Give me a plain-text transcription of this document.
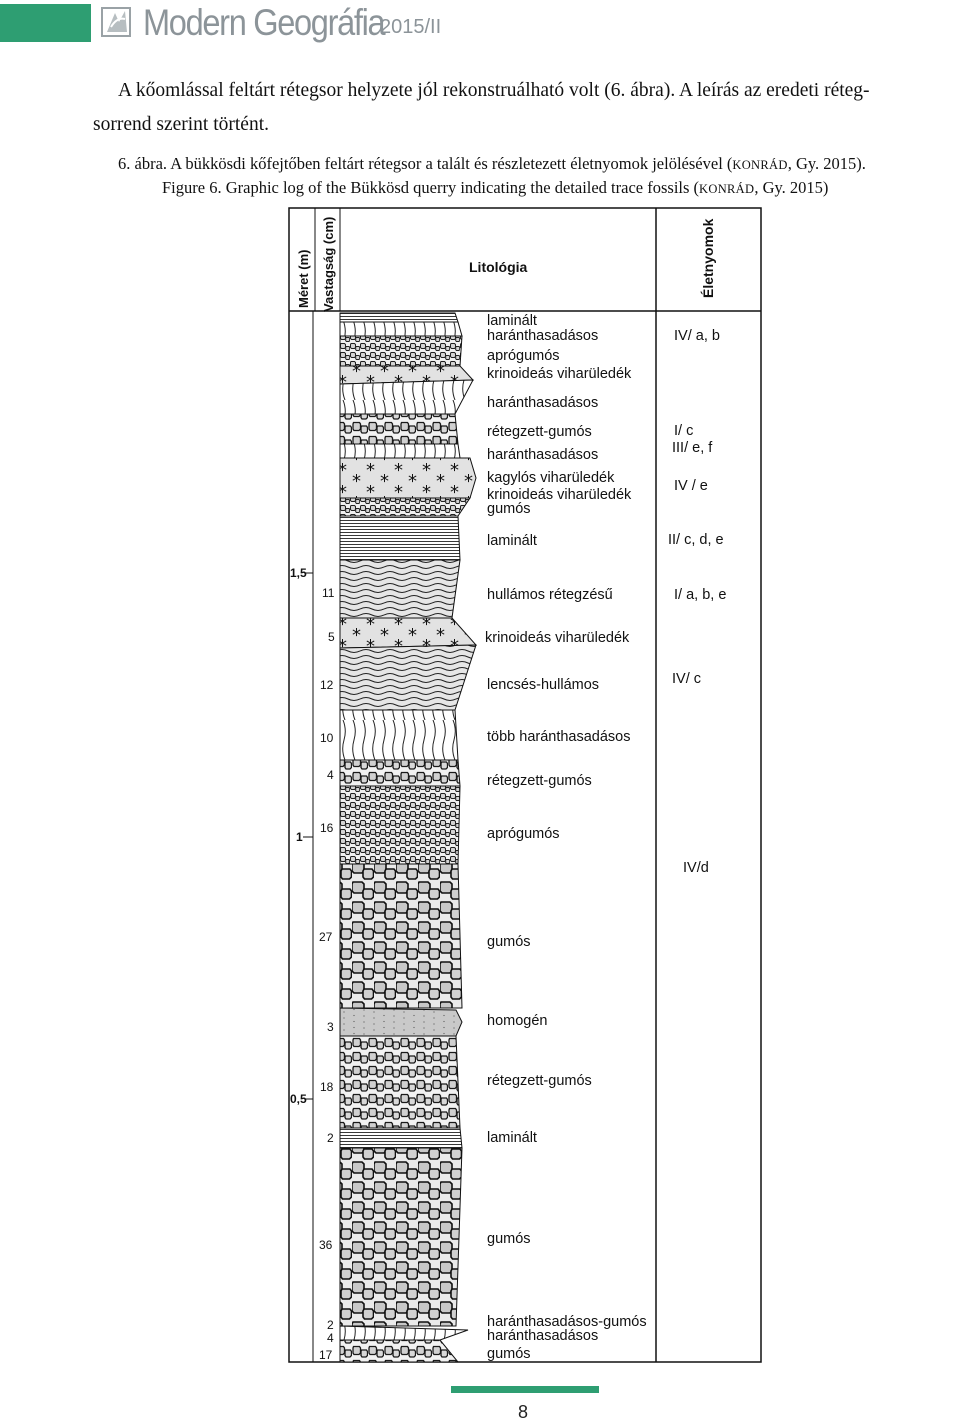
Modern Geográfia
2015/II
A kőomlással feltárt rétegsor helyzete jól rekonstruálható volt (6. ábra). A leírás az eredeti réteg-
sorrend szerint történt.
6. ábra. A bükkösdi kőfejtőben feltárt rétegsor a talált és részletezett életnyomok jelölésével (KONRÁD, Gy. 2015).
Figure 6. Graphic log of the Bükkösd querry indicating the detailed trace fossils (KONRÁD, Gy. 2015)
Méret (m) Vastagság (cm)	Litológia	Életnyomok
1,5
1
0,5
11
5
12
10
4
16
27
3
18
2
36
2
4
17
laminált
haránthasadásos
aprógumós
krinoideás viharüledék
haránthasadásos
rétegzett-gumós
haránthasadásos
kagylós viharüledék
krinoideás viharüledék
gumós
laminált
hullámos rétegzésű
krinoideás viharüledék
lencsés-hullámos
több haránthasadásos
rétegzett-gumós
aprógumós
gumós
homogén
rétegzett-gumós
laminált
gumós
haránthasadásos-gumós
haránthasadásos
gumós
IV/ a, b
I/ c
III/ e, f
IV / e
II/ c, d, e
I/ a, b, e
IV/ c
IV/d
8
